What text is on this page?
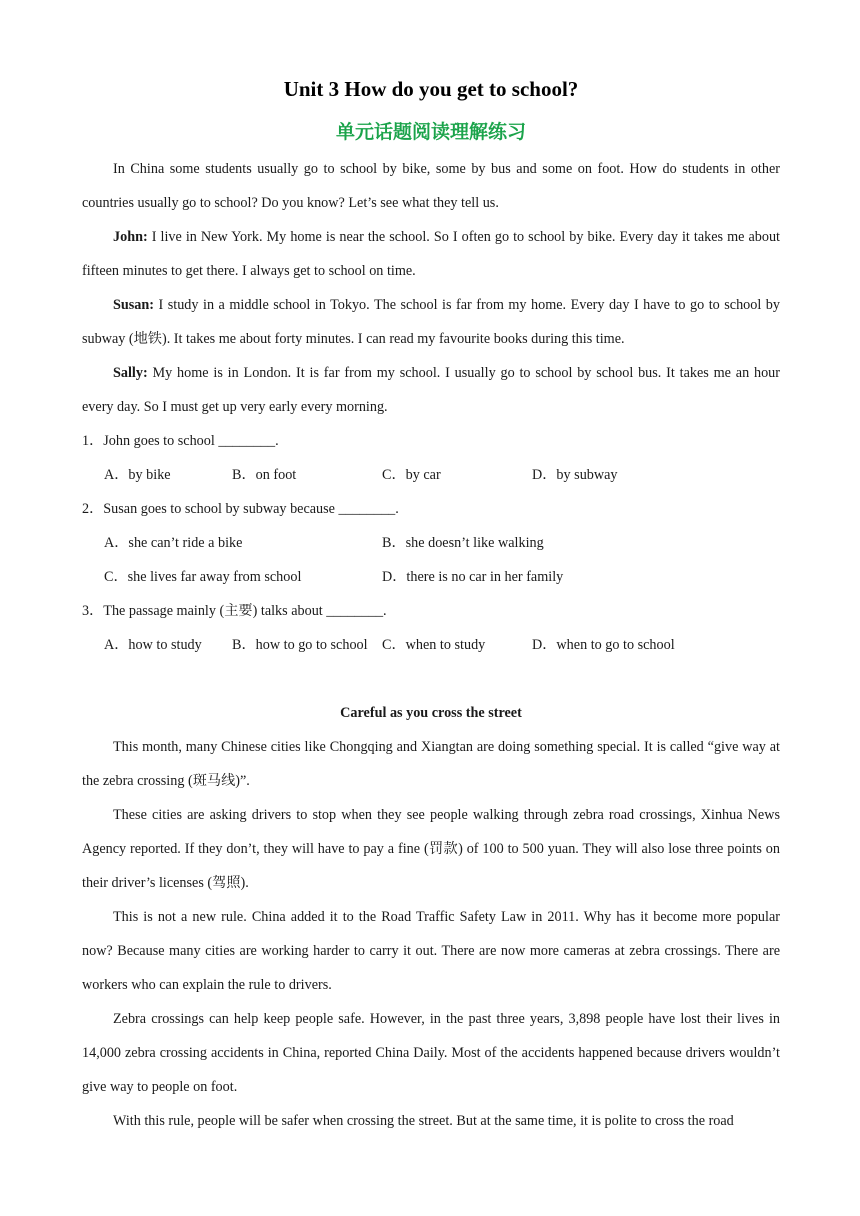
Unit 3 How do you get to school?
单元话题阅读理解练习

In China some students usually go to school by bike, some by bus and some on foot. How do students in other countries usually go to school? Do you know? Let’s see what they tell us.

John: I live in New York. My home is near the school. So I often go to school by bike. Every day it takes me about fifteen minutes to get there. I always get to school on time.

Susan: I study in a middle school in Tokyo. The school is far from my home. Every day I have to go to school by subway (地铁). It takes me about forty minutes. I can read my favourite books during this time.

Sally: My home is in London. It is far from my school. I usually go to school by school bus. It takes me an hour every day. So I must get up very early every morning.

1．John goes to school ________.
A．by bike	B．on foot	C．by car	D．by subway
2．Susan goes to school by subway because ________.
A．she can’t ride a bike	B．she doesn’t like walking
C．she lives far away from school	D．there is no car in her family
3．The passage mainly (主要) talks about ________.
A．how to study	B．how to go to school	C．when to study	D．when to go to school
Careful as you cross the street

This month, many Chinese cities like Chongqing and Xiangtan are doing something special. It is called “give way at the zebra crossing (斑马线)”.

These cities are asking drivers to stop when they see people walking through zebra road crossings, Xinhua News Agency reported. If they don’t, they will have to pay a fine (罚款) of 100 to 500 yuan. They will also lose three points on their driver’s licenses (驾照).

This is not a new rule. China added it to the Road Traffic Safety Law in 2011. Why has it become more popular now? Because many cities are working harder to carry it out. There are now more cameras at zebra crossings. There are workers who can explain the rule to drivers.

Zebra crossings can help keep people safe. However, in the past three years, 3,898 people have lost their lives in 14,000 zebra crossing accidents in China, reported China Daily. Most of the accidents happened because drivers wouldn’t give way to people on foot.

With this rule, people will be safer when crossing the street. But at the same time, it is polite to cross the road
